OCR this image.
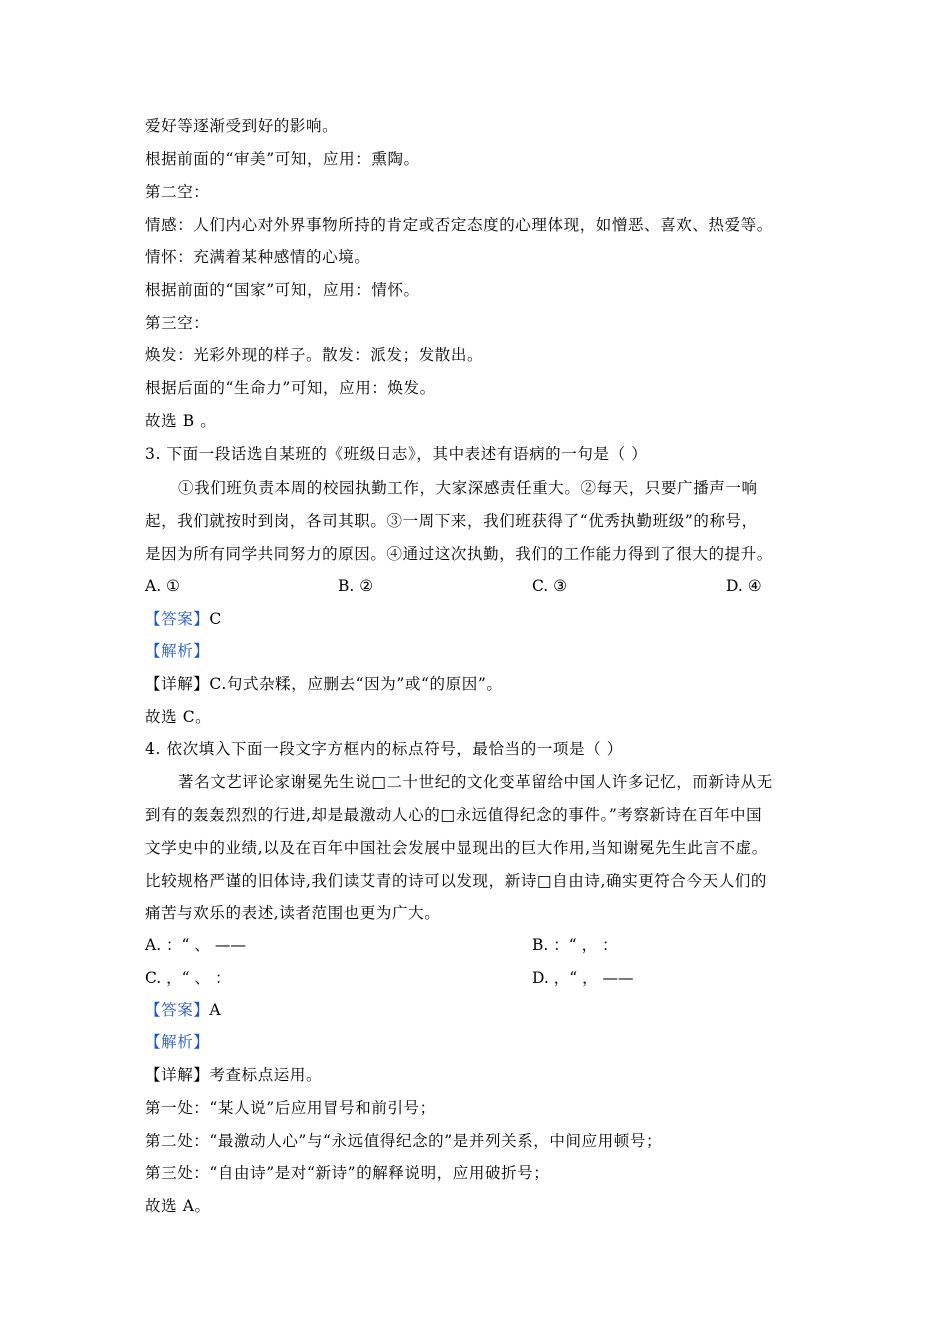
爱好等逐渐受到好的影响。
根据前面的“审美”可知，应用：熏陶。
第二空：
情感：人们内心对外界事物所持的肯定或否定态度的心理体现，如憎恶、喜欢、热爱等。
情怀：充满着某种感情的心境。
根据前面的“国家”可知，应用：情怀。
第三空：
焕发：光彩外现的样子。散发：派发；发散出。
根据后面的“生命力”可知，应用：焕发。
故选 B 。
3. 下面一段话选自某班的《班级日志》，其中表述有语病的一句是（ ）
①我们班负责本周的校园执勤工作，大家深感责任重大。②每天，只要广播声一响
起，我们就按时到岗，各司其职。③一周下来，我们班获得了“优秀执勤班级”的称号，
是因为所有同学共同努力的原因。④通过这次执勤，我们的工作能力得到了很大的提升。
A. ①	B. ②	C. ③	D. ④
【答案】C
【解析】
【详解】C.句式杂糅，应删去“因为”或“的原因”。
故选 C。
4. 依次填入下面一段文字方框内的标点符号，最恰当的一项是（ ）
著名文艺评论家谢冕先生说□二十世纪的文化变革留给中国人许多记忆，而新诗从无
到有的轰轰烈烈的行进,却是最激动人心的□永远值得纪念的事件。”考察新诗在百年中国
文学史中的业绩,以及在百年中国社会发展中显现出的巨大作用,当知谢冕先生此言不虚。
比较规格严谨的旧体诗,我们读艾青的诗可以发现，新诗□自由诗,确实更符合今天人们的
痛苦与欢乐的表述,读者范围也更为广大。
A. ：“ 、 ——	B. ：“ ， ：
C. ，“ 、 ：	D. ，“ ， ——
【答案】A
【解析】
【详解】考查标点运用。
第一处：“某人说”后应用冒号和前引号；
第二处：“最激动人心”与“永远值得纪念的”是并列关系，中间应用顿号；
第三处：“自由诗”是对“新诗”的解释说明，应用破折号；
故选 A。
